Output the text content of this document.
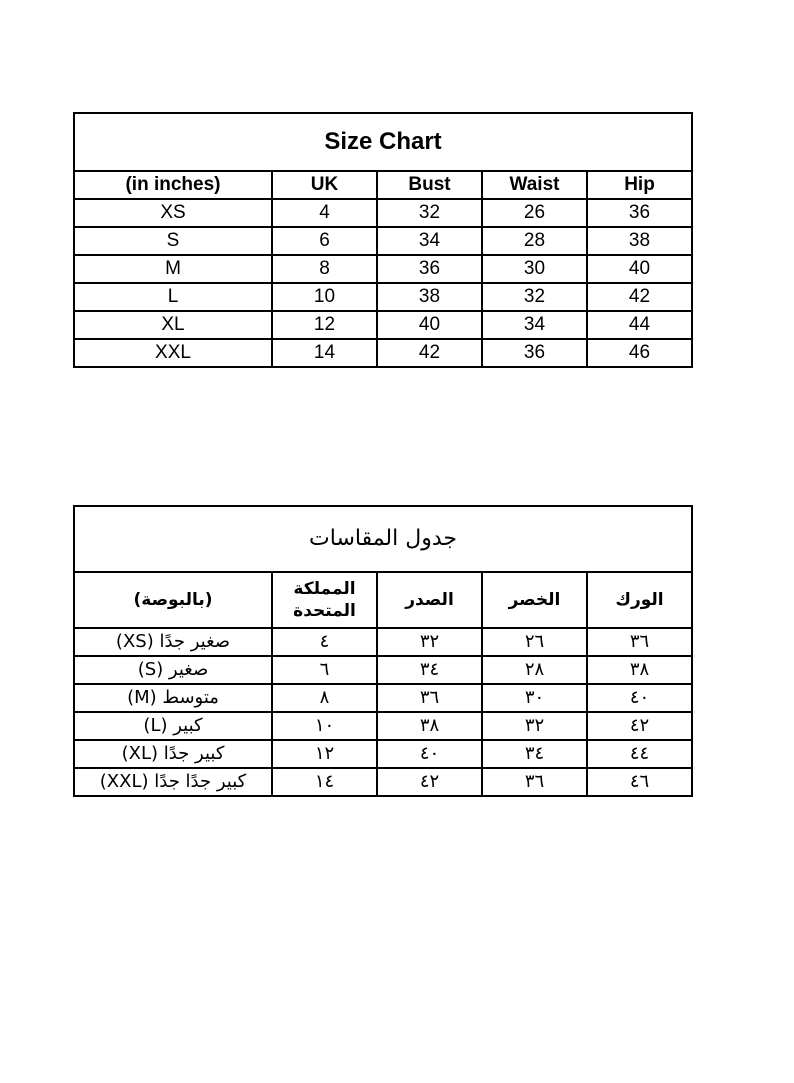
Size Chart				
(in inches)	UK	Bust	Waist	Hip
XS	4	32	26	36
S	6	34	28	38
M	8	36	30	40
L	10	38	32	42
XL	12	40	34	44
XXL	14	42	36	46
جدول المقاسات				
(بالبوصة)	المملكة المتحدة	الصدر	الخصر	الورك
صغير جدًا (XS)	٤	٣٢	٢٦	٣٦
صغير (S)	٦	٣٤	٢٨	٣٨
متوسط (M)	٨	٣٦	٣٠	٤٠
كبير (L)	١٠	٣٨	٣٢	٤٢
كبير جدًا (XL)	١٢	٤٠	٣٤	٤٤
كبير جدًا جدًا (XXL)	١٤	٤٢	٣٦	٤٦
